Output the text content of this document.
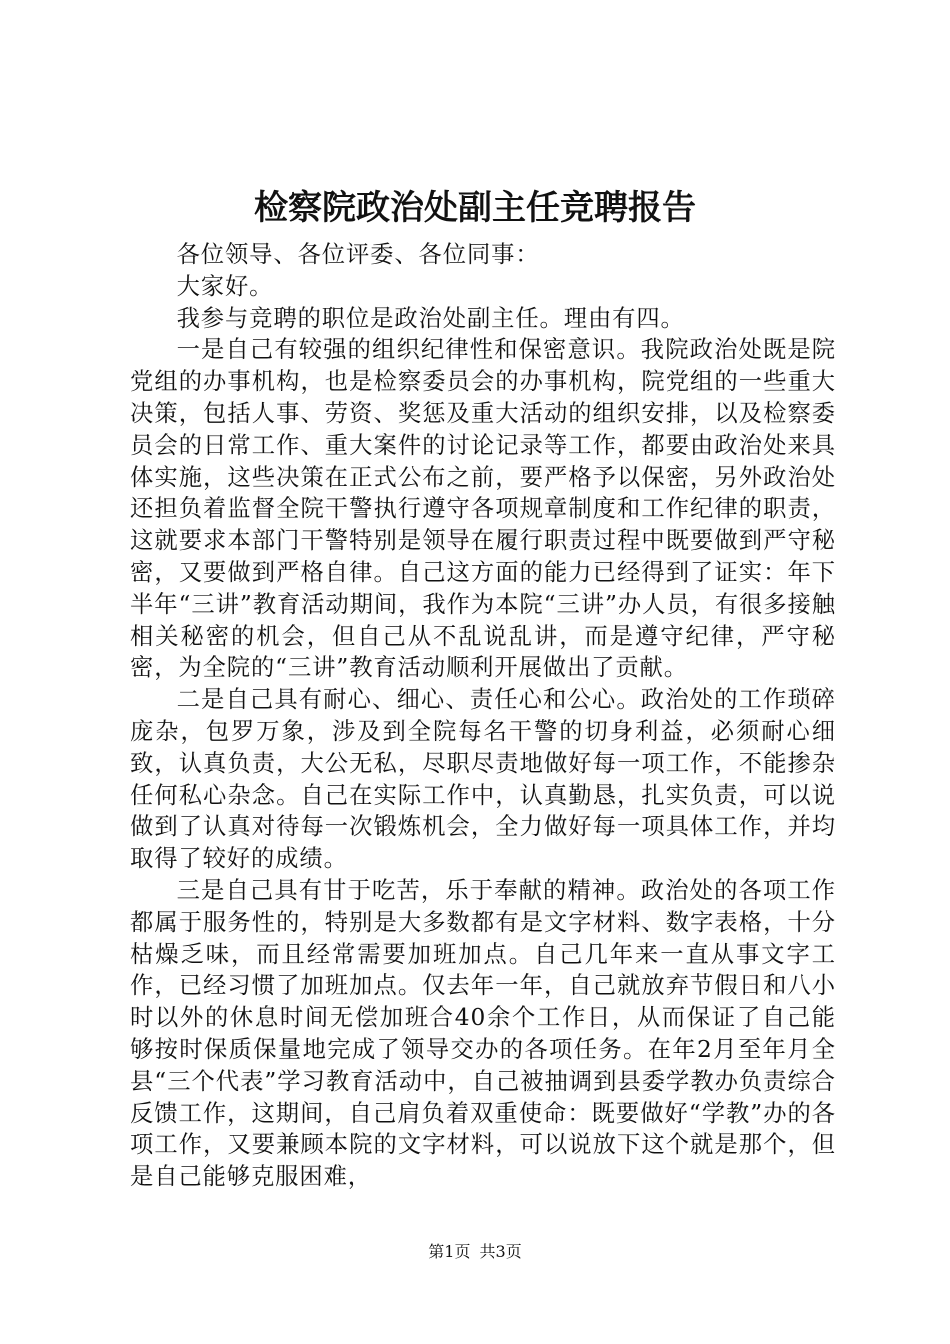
检察院政治处副主任竞聘报告

各位领导、各位评委、各位同事：

大家好。

我参与竞聘的职位是政治处副主任。理由有四。

一是自己有较强的组织纪律性和保密意识。我院政治处既是院党组的办事机构，也是检察委员会的办事机构，院党组的一些重大决策，包括人事、劳资、奖惩及重大活动的组织安排，以及检察委员会的日常工作、重大案件的讨论记录等工作，都要由政治处来具体实施，这些决策在正式公布之前，要严格予以保密，另外政治处还担负着监督全院干警执行遵守各项规章制度和工作纪律的职责，这就要求本部门干警特别是领导在履行职责过程中既要做到严守秘密，又要做到严格自律。自己这方面的能力已经得到了证实：年下半年“三讲”教育活动期间，我作为本院“三讲”办人员，有很多接触相关秘密的机会，但自己从不乱说乱讲，而是遵守纪律，严守秘密，为全院的“三讲”教育活动顺利开展做出了贡献。

二是自己具有耐心、细心、责任心和公心。政治处的工作琐碎庞杂，包罗万象，涉及到全院每名干警的切身利益，必须耐心细致，认真负责，大公无私，尽职尽责地做好每一项工作，不能掺杂任何私心杂念。自己在实际工作中，认真勤恳，扎实负责，可以说做到了认真对待每一次锻炼机会，全力做好每一项具体工作，并均取得了较好的成绩。

三是自己具有甘于吃苦，乐于奉献的精神。政治处的各项工作都属于服务性的，特别是大多数都有是文字材料、数字表格，十分枯燥乏味，而且经常需要加班加点。自己几年来一直从事文字工作，已经习惯了加班加点。仅去年一年，自己就放弃节假日和八小时以外的休息时间无偿加班合40余个工作日，从而保证了自己能够按时保质保量地完成了领导交办的各项任务。在年2月至年月全县“三个代表”学习教育活动中，自己被抽调到县委学教办负责综合反馈工作，这期间，自己肩负着双重使命：既要做好“学教”办的各项工作，又要兼顾本院的文字材料，可以说放下这个就是那个，但是自己能够克服困难，

第1页 共3页
